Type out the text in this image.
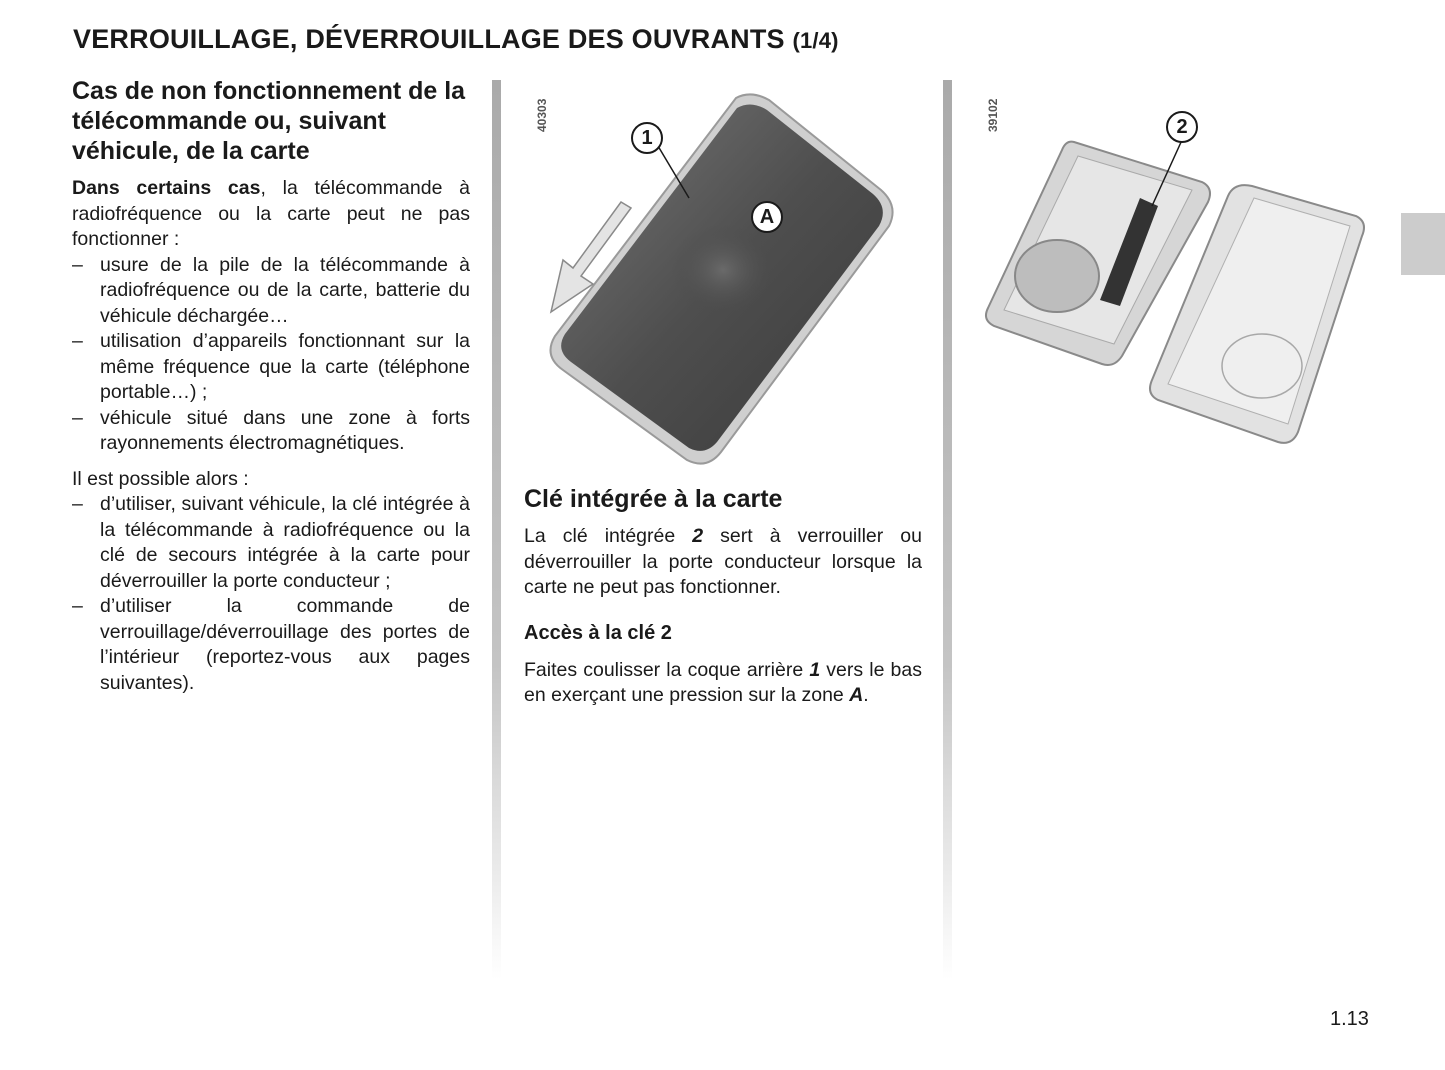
VERROUILLAGE, DÉVERROUILLAGE DES OUVRANTS (1/4)
Cas de non fonctionnement de la télécommande ou, suivant véhicule, de la carte

Dans certains cas, la télécommande à radiofréquence ou la carte peut ne pas fonctionner :

– usure de la pile de la télécommande à radiofréquence ou de la carte, batterie du véhicule déchargée…
– utilisation d’appareils fonctionnant sur la même fréquence que la carte (téléphone portable…) ;
– véhicule situé dans une zone à forts rayonnements électromagnétiques.

Il est possible alors :

– d’utiliser, suivant véhicule, la clé intégrée à la télécommande à radiofréquence ou la clé de secours intégrée à la carte pour déverrouiller la porte conducteur ;
– d’utiliser la commande de verrouillage/déverrouillage des portes de l’intérieur (reportez-vous aux pages suivantes).
40303
1
A
39102	2
Clé intégrée à la carte

La clé intégrée 2 sert à verrouiller ou déverrouiller la porte conducteur lorsque la carte ne peut pas fonctionner.

Accès à la clé 2

Faites coulisser la coque arrière 1 vers le bas en exerçant une pression sur la zone A.

1.13
